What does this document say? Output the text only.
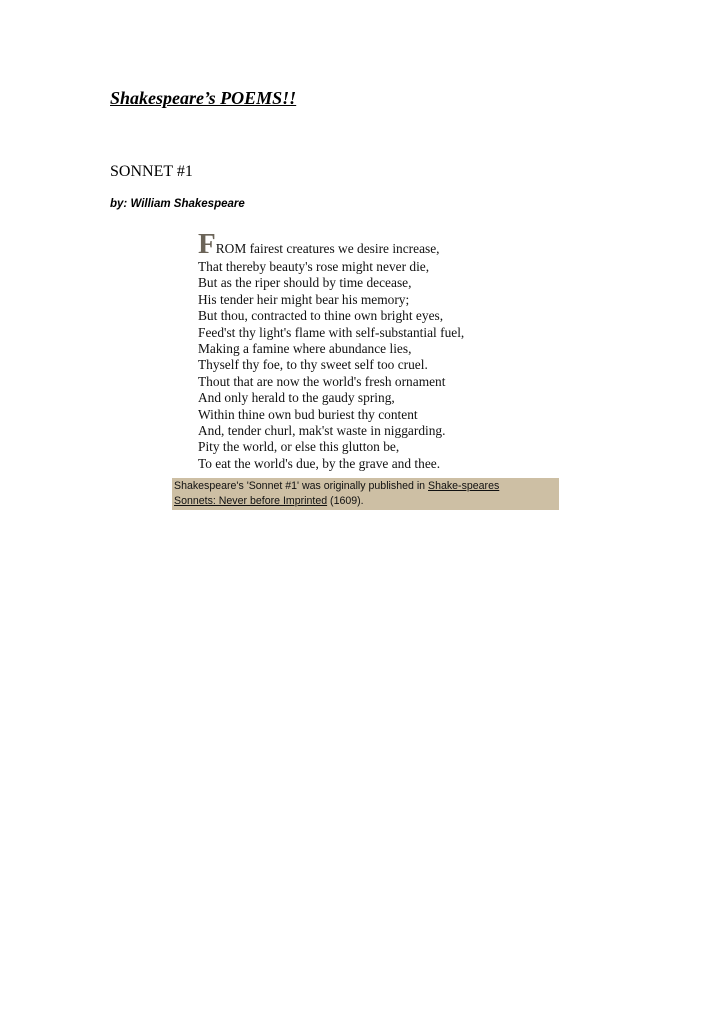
Shakespeare’s POEMS!!
SONNET #1
by: William Shakespeare
FROM fairest creatures we desire increase,
That thereby beauty's rose might never die,
But as the riper should by time decease,
His tender heir might bear his memory;
But thou, contracted to thine own bright eyes,
Feed'st thy light's flame with self-substantial fuel,
Making a famine where abundance lies,
Thyself thy foe, to thy sweet self too cruel.
Thout that are now the world's fresh ornament
And only herald to the gaudy spring,
Within thine own bud buriest thy content
And, tender churl, mak'st waste in niggarding.
Pity the world, or else this glutton be,
To eat the world's due, by the grave and thee.
Shakespeare's 'Sonnet #1' was originally published in Shake-speares
Sonnets: Never before Imprinted (1609).
